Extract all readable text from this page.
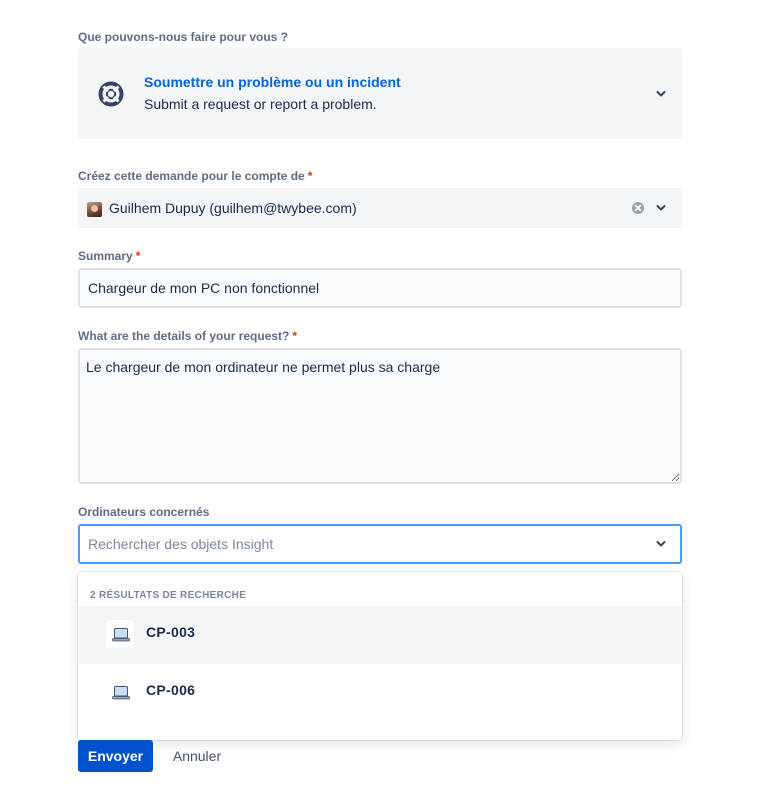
Que pouvons-nous faire pour vous ?
Soumettre un problème ou un incident
Submit a request or report a problem.
Créez cette demande pour le compte de *
Guilhem Dupuy (guilhem@twybee.com)
Summary *
Chargeur de mon PC non fonctionnel
What are the details of your request? *
Le chargeur de mon ordinateur ne permet plus sa charge
Ordinateurs concernés
Rechercher des objets Insight
2 RÉSULTATS DE RECHERCHE
CP-003
CP-006
Envoyer	Annuler
